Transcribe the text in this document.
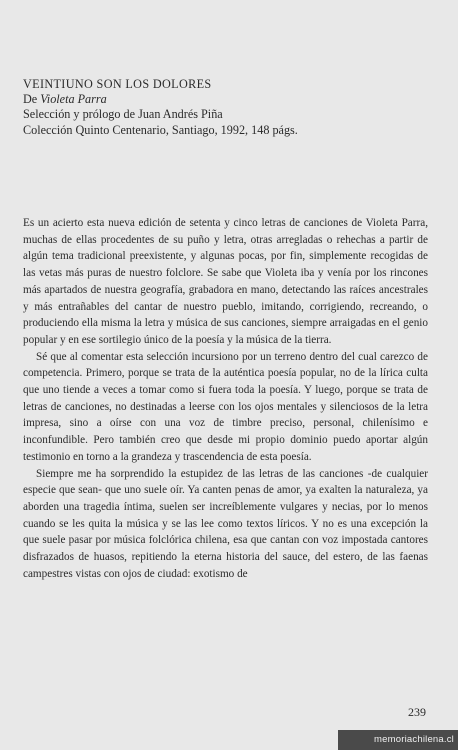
VEINTIUNO SON LOS DOLORES
De Violeta Parra
Selección y prólogo de Juan Andrés Piña
Colección Quinto Centenario, Santiago, 1992, 148 págs.

Es un acierto esta nueva edición de setenta y cinco letras de canciones de Violeta Parra, muchas de ellas procedentes de su puño y letra, otras arregladas o rehechas a partir de algún tema tradicional preexistente, y algunas pocas, por fin, simplemente recogidas de las vetas más puras de nuestro folclore. Se sabe que Violeta iba y venía por los rincones más apartados de nuestra geografía, grabadora en mano, detectando las raíces ancestrales y más entrañables del cantar de nuestro pueblo, imitando, corrigiendo, recreando, o produciendo ella misma la letra y música de sus canciones, siempre arraigadas en el genio popular y en ese sortilegio único de la poesía y la música de la tierra.

Sé que al comentar esta selección incursiono por un terreno dentro del cual carezco de competencia. Primero, porque se trata de la auténtica poesía popular, no de la lírica culta que uno tiende a veces a tomar como si fuera toda la poesía. Y luego, porque se trata de letras de canciones, no destinadas a leerse con los ojos mentales y silenciosos de la letra impresa, sino a oírse con una voz de timbre preciso, personal, chilenísimo e inconfundible. Pero también creo que desde mi propio dominio puedo aportar algún testimonio en torno a la grandeza y trascendencia de esta poesía.

Siempre me ha sorprendido la estupidez de las letras de las canciones -de cualquier especie que sean- que uno suele oír. Ya canten penas de amor, ya exalten la naturaleza, ya aborden una tragedia íntima, suelen ser increíblemente vulgares y necias, por lo menos cuando se les quita la música y se las lee como textos líricos. Y no es una excepción la que suele pasar por música folclórica chilena, esa que cantan con voz impostada cantores disfrazados de huasos, repitiendo la eterna historia del sauce, del estero, de las faenas campestres vistas con ojos de ciudad: exotismo de

239
memoriachilena.cl
